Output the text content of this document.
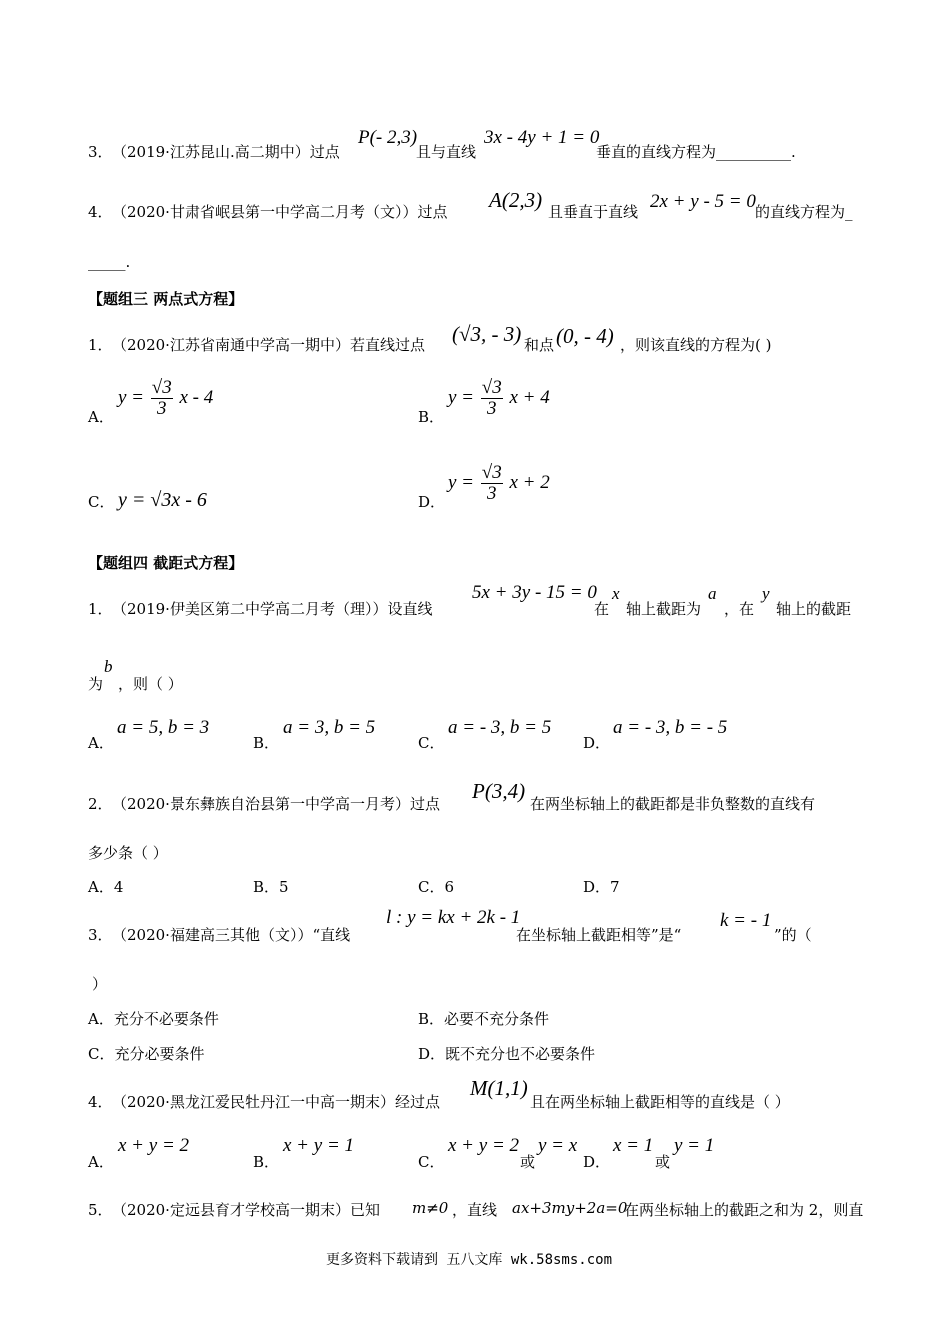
3． （2019·江苏昆山.高二期中）过点
P(- 2,3)
且与直线
3x - 4y + 1 = 0
垂直的直线方程为__________.
4． （2020·甘肃省岷县第一中学高二月考（文））过点 A(2,3) 且垂直于直线 2x + y - 5 = 0 的直线方程为_
_____.
【题组三 两点式方程】
1． （2020·江苏省南通中学高一期中）若直线过点 (√3, - 3) 和点 (0, - 4) ，则该直线的方程为( )
A．
$y = \frac{√3}{3}$ x - 4
B．
$y = \frac{√3}{3}$ x + 4
C． y = √3x - 6	D．
$y = \frac{√3}{3}$ x + 2
【题组四 截距式方程】
1． （2019·伊美区第二中学高二月考（理））设直线
5x + 3y - 15 = 0
在
x
轴上截距为
a
，在
y
轴上的截距
为
b
，则（ ）
A．
a = 5, b = 3
B．
a = 3, b = 5
C．
a = - 3, b = 5
D．
a = - 3, b = - 5
2． （2020·景东彝族自治县第一中学高一月考）过点
P(3,4)
在两坐标轴上的截距都是非负整数的直线有
多少条（ ）
A．4	B．5	C．6	D．7
3． （2020·福建高三其他（文））“直线
l : y = kx + 2k - 1
在坐标轴上截距相等”是“
k = - 1
”的（
）
A．充分不必要条件	B．必要不充分条件
C．充分必要条件	D．既不充分也不必要条件
4． （2020·黑龙江爱民牡丹江一中高一期末）经过点
M(1,1)
且在两坐标轴上截距相等的直线是（ ）
A．
x + y = 2
B．
x + y = 1
C．
x + y = 2
或
y = x
D．
x = 1
或
y = 1
5． （2020·定远县育才学校高一期末）已知 m≠0 ，直线 ax+3my+2a=0
在两坐标轴上的截距之和为 2，则直
更多资料下载请到 五八文库 wk.58sms.com
